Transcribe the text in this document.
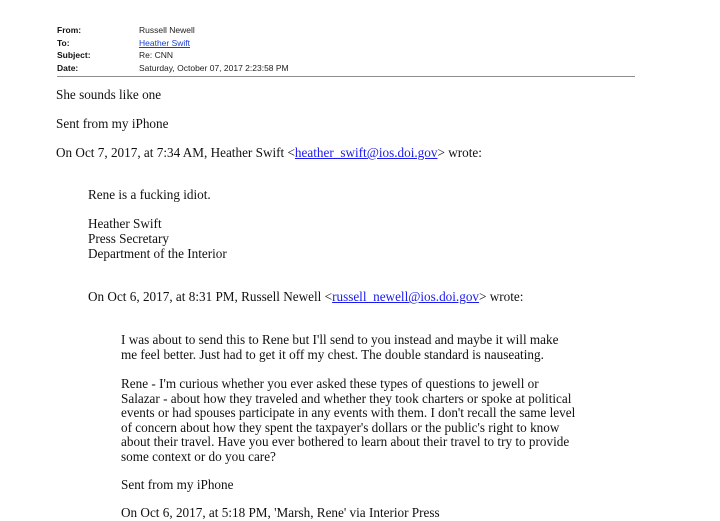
From:	Russell Newell
To:	Heather Swift
Subject:	Re: CNN
Date:	Saturday, October 07, 2017 2:23:58 PM

She sounds like one

Sent from my iPhone

On Oct 7, 2017, at 7:34 AM, Heather Swift <heather_swift@ios.doi.gov> wrote:

Rene is a fucking idiot.

Heather Swift

Press Secretary

Department of the Interior

On Oct 6, 2017, at 8:31 PM, Russell Newell <russell_newell@ios.doi.gov> wrote:

I was about to send this to Rene but I'll send to you instead and maybe it will make

me feel better. Just had to get it off my chest. The double standard is nauseating.

Rene - I'm curious whether you ever asked these types of questions to jewell or

Salazar - about how they traveled and whether they took charters or spoke at political

events or had spouses participate in any events with them. I don't recall the same level

of concern about how they spent the taxpayer's dollars or the public's right to know

about their travel. Have you ever bothered to learn about their travel to try to provide

some context or do you care?

Sent from my iPhone

On Oct 6, 2017, at 5:18 PM, 'Marsh, Rene' via Interior Press
